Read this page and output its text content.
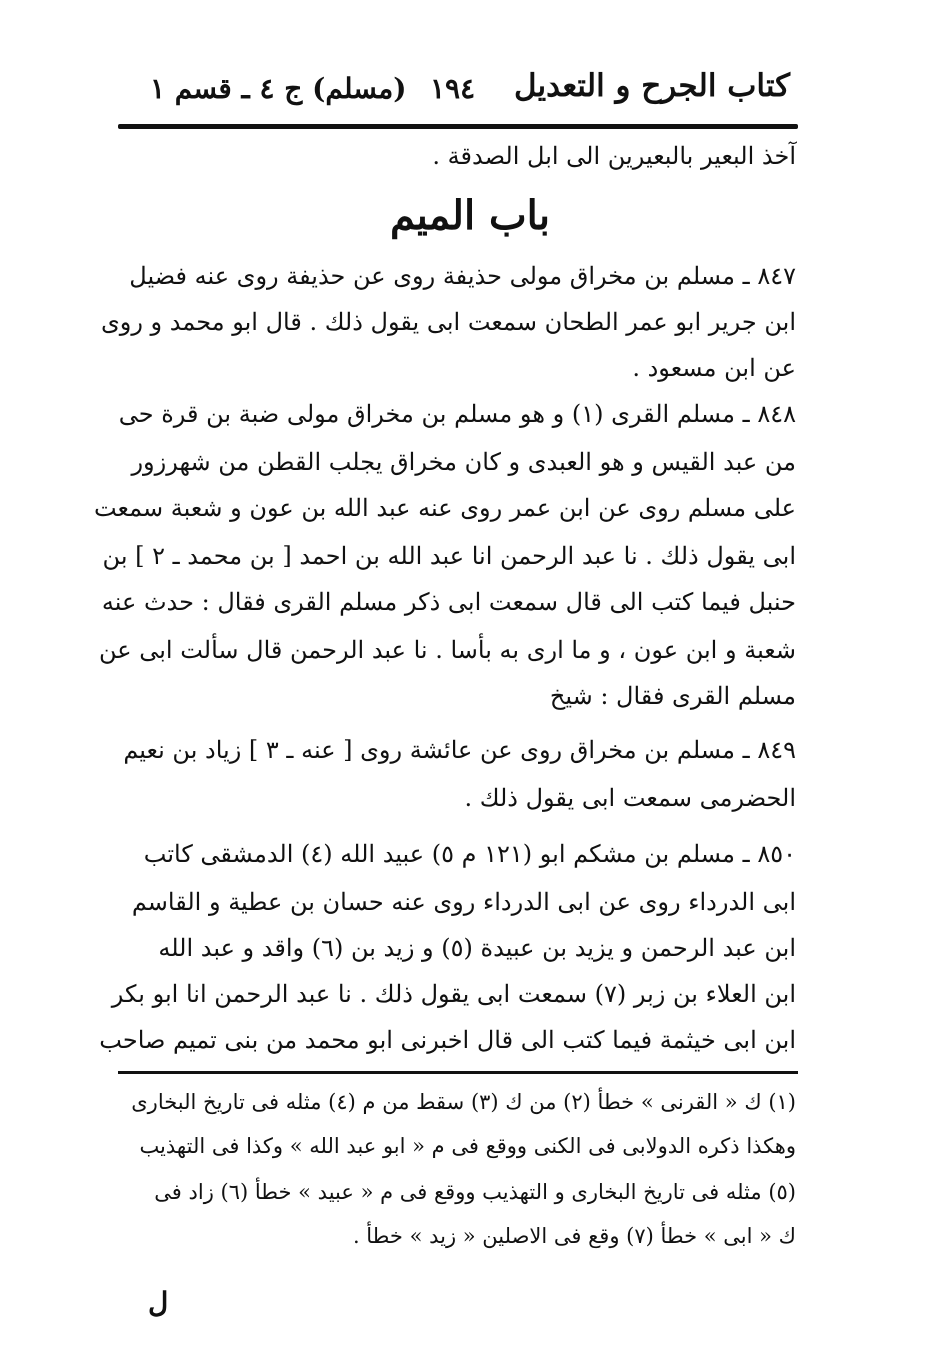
كتاب الجرح و التعديل
١٩٤
(مسلم) ج ٤ ـ قسم ١
آخذ البعير بالبعيرين الى ابل الصدقة .
باب الميم
٨٤٧ ـ مسلم بن مخراق مولى حذيفة روى عن حذيفة روى عنه فضيل
ابن جرير ابو عمر الطحان سمعت ابى يقول ذلك . قال ابو محمد و روى
عن ابن مسعود .
٨٤٨ ـ مسلم القرى (١) و هو مسلم بن مخراق مولى ضبة بن قرة حى
من عبد القيس و هو العبدى و كان مخراق يجلب القطن من شهرزور
على مسلم روى عن ابن عمر روى عنه عبد الله بن عون و شعبة سمعت
ابى يقول ذلك . نا عبد الرحمن انا عبد الله بن احمد [ بن محمد ـ ٢ ] بن
حنبل فيما كتب الى قال سمعت ابى ذكر مسلم القرى فقال : حدث عنه
شعبة و ابن عون ، و ما ارى به بأسا . نا عبد الرحمن قال سألت ابى عن
مسلم القرى فقال : شيخ
٨٤٩ ـ مسلم بن مخراق روى عن عائشة روى [ عنه ـ ٣ ] زياد بن نعيم
الحضرمى سمعت ابى يقول ذلك .
٨٥٠ ـ مسلم بن مشكم ابو (١٢١ م ٥) عبيد الله (٤) الدمشقى كاتب
ابى الدرداء روى عن ابى الدرداء روى عنه حسان بن عطية و القاسم
ابن عبد الرحمن و يزيد بن عبيدة (٥) و زيد بن (٦) واقد و عبد الله
ابن العلاء بن زبر (٧) سمعت ابى يقول ذلك . نا عبد الرحمن انا ابو بكر
ابن ابى خيثمة فيما كتب الى قال اخبرنى ابو محمد من بنى تميم صاحب
(١) ك « القرنى » خطأ (٢) من ك (٣) سقط من م (٤) مثله فى تاريخ البخارى
وهكذا ذكره الدولابى فى الكنى ووقع فى م « ابو عبد الله » وكذا فى التهذيب
(٥) مثله فى تاريخ البخارى و التهذيب ووقع فى م « عبيد » خطأ (٦) زاد فى
ك « ابى » خطأ (٧) وقع فى الاصلين « زيد » خطأ .
ل
